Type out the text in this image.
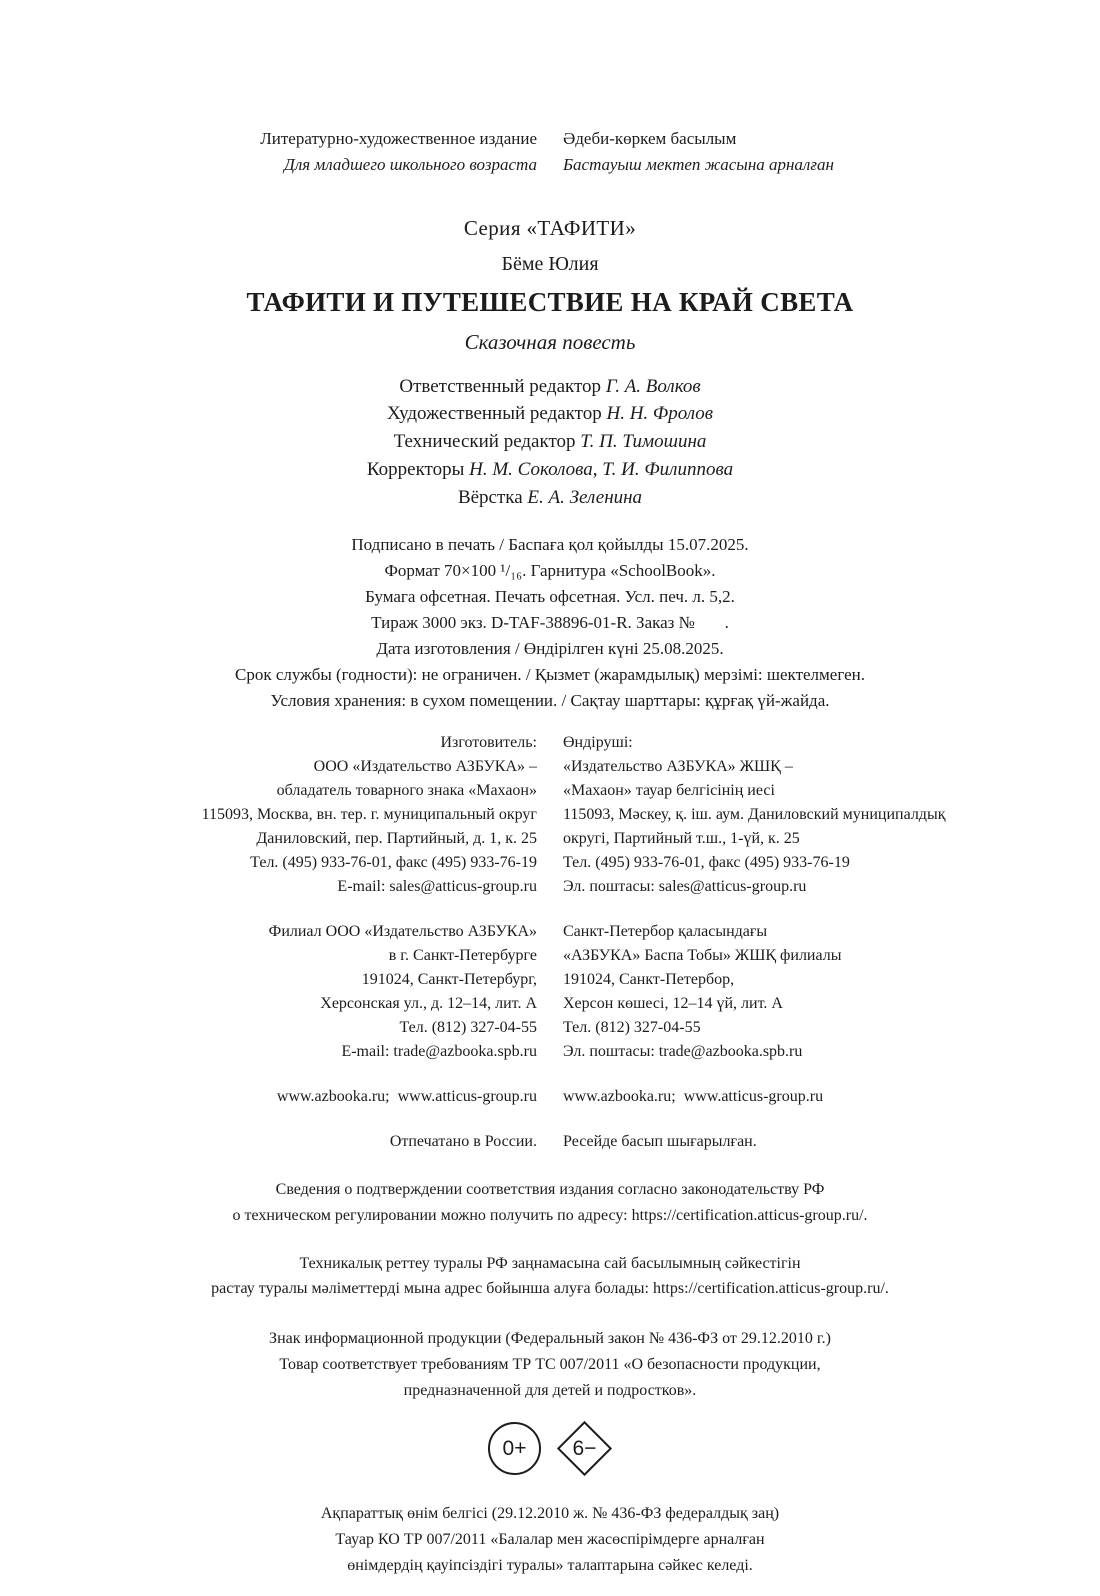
Литературно-художественное издание
Для младшего школьного возраста
Әдеби-көркем басылым
Бастауыш мектеп жасына арналған
Серия «ТАФИТИ»
Бёме Юлия
ТАФИТИ И ПУТЕШЕСТВИЕ НА КРАЙ СВЕТА
Сказочная повесть
Ответственный редактор Г. А. Волков
Художественный редактор Н. Н. Фролов
Технический редактор Т. П. Тимошина
Корректоры Н. М. Соколова, Т. И. Филиппова
Вёрстка Е. А. Зеленина
Подписано в печать / Баспаға қол қойылды 15.07.2025.
Формат 70×100 ¹/₁₆. Гарнитура «SchoolBook».
Бумага офсетная. Печать офсетная. Усл. печ. л. 5,2.
Тираж 3000 экз. D-TAF-38896-01-R. Заказ №       .
Дата изготовления / Өндірілген күні 25.08.2025.
Срок службы (годности): не ограничен. / Қызмет (жарамдылық) мерзімі: шектелмеген.
Условия хранения: в сухом помещении. / Сақтау шарттары: құрғақ үй-жайда.
Изготовитель:
ООО «Издательство АЗБУКА» –
обладатель товарного знака «Махаон»
115093, Москва, вн. тер. г. муниципальный округ
Даниловский, пер. Партийный, д. 1, к. 25
Тел. (495) 933-76-01, факс (495) 933-76-19
E-mail: sales@atticus-group.ru
Филиал ООО «Издательство АЗБУКА»
в г. Санкт-Петербурге
191024, Санкт-Петербург,
Херсонская ул., д. 12–14, лит. А
Тел. (812) 327-04-55
E-mail: trade@azbooka.spb.ru
www.azbooka.ru;  www.atticus-group.ru
Отпечатано в России.
Өндіруші:
«Издательство АЗБУКА» ЖШҚ –
«Махаон» тауар белгісінің иесі
115093, Мәскеу, қ. іш. аум. Даниловский муниципалдық
округі, Партийный т.ш., 1-үй, к. 25
Тел. (495) 933-76-01, факс (495) 933-76-19
Эл. поштасы: sales@atticus-group.ru
Санкт-Петербор қаласындағы
«АЗБУКА» Баспа Тобы» ЖШҚ филиалы
191024, Санкт-Петербор,
Херсон көшесі, 12–14 үй, лит. А
Тел. (812) 327-04-55
Эл. поштасы: trade@azbooka.spb.ru
www.azbooka.ru;  www.atticus-group.ru
Ресейде басып шығарылған.
Сведения о подтверждении соответствия издания согласно законодательству РФ
о техническом регулировании можно получить по адресу: https://certification.atticus-group.ru/.
Техникалық реттеу туралы РФ заңнамасына сай басылымның сәйкестігін
растау туралы мәліметтерді мына адрес бойынша алуға болады: https://certification.atticus-group.ru/.
Знак информационной продукции (Федеральный закон № 436-ФЗ от 29.12.2010 г.)
Товар соответствует требованиям ТР ТС 007/2011 «О безопасности продукции,
предназначенной для детей и подростков».
0+ 6−
Ақпараттық өнім белгісі (29.12.2010 ж. № 436-ФЗ федералдық заң)
Тауар КО ТР 007/2011 «Балалар мен жасөспірімдерге арналған
өнімдердің қауіпсіздігі туралы» талаптарына сәйкес келеді.
